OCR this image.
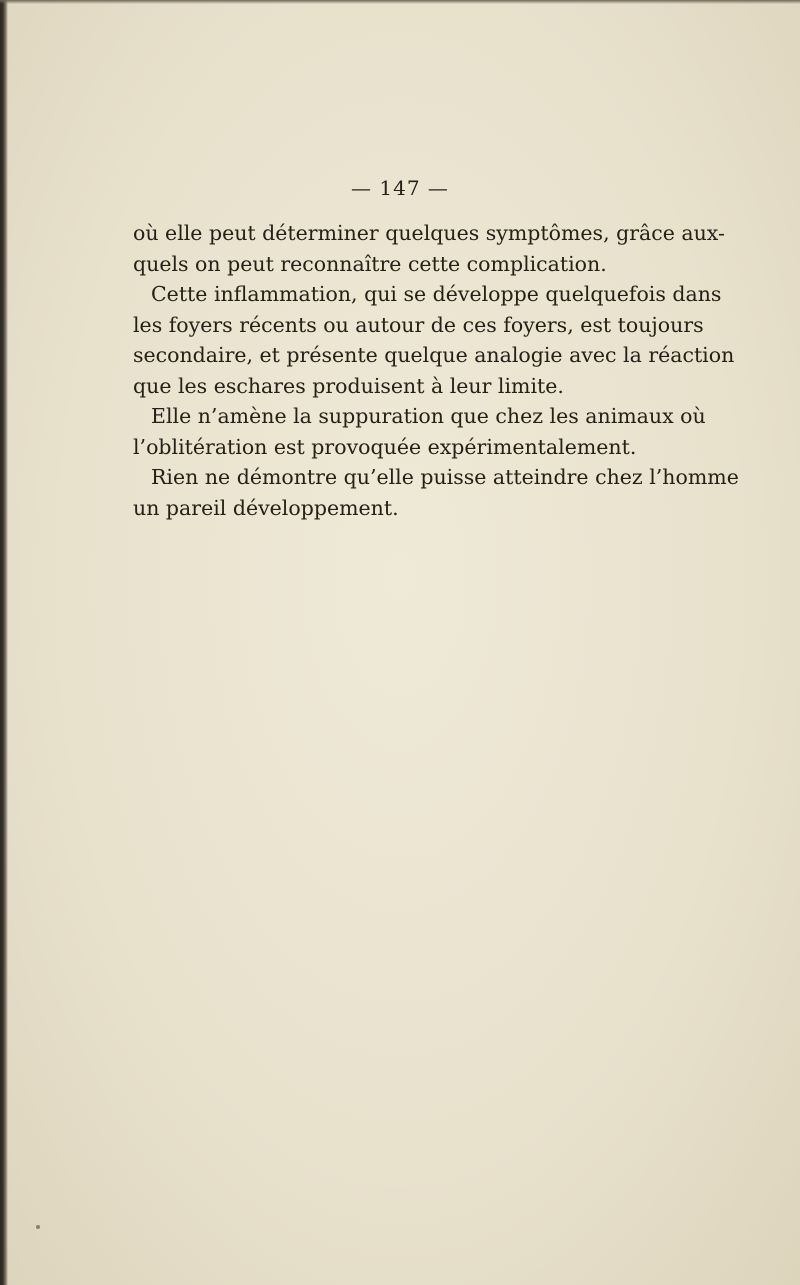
— 147 —
où elle peut déterminer quelques symptômes, grâce aux-
quels on peut reconnaître cette complication.
Cette inflammation, qui se développe quelquefois dans
les foyers récents ou autour de ces foyers, est toujours
secondaire, et présente quelque analogie avec la réaction
que les eschares produisent à leur limite.
Elle n’amène la suppuration que chez les animaux où
l’oblitération est provoquée expérimentalement.
Rien ne démontre qu’elle puisse atteindre chez l’homme
un pareil développement.
